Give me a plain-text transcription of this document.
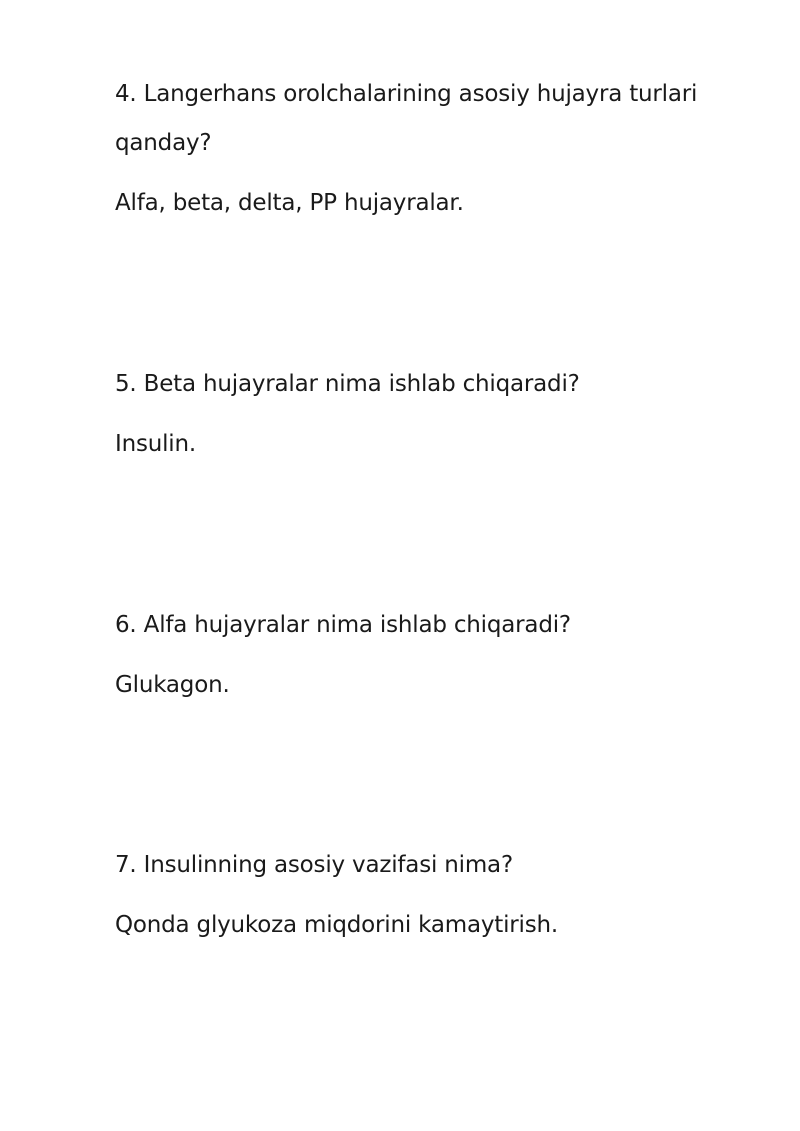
4. Langerhans orolchalarining asosiy hujayra turlari
qanday?
Alfa, beta, delta, PP hujayralar.
5. Beta hujayralar nima ishlab chiqaradi?
Insulin.
6. Alfa hujayralar nima ishlab chiqaradi?
Glukagon.
7. Insulinning asosiy vazifasi nima?
Qonda glyukoza miqdorini kamaytirish.
